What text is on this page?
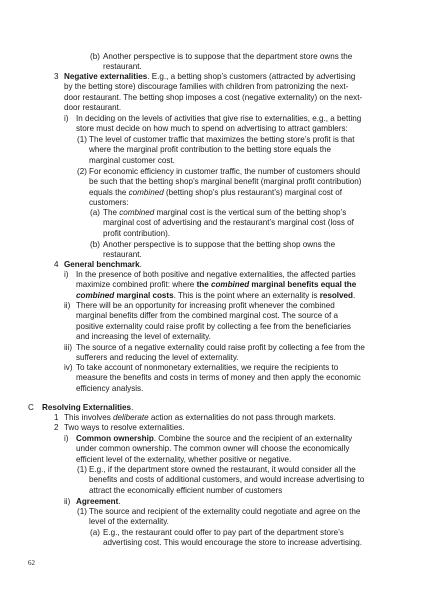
(b) Another perspective is to suppose that the department store owns the
restaurant.
3 Negative externalities. E.g., a betting shop’s customers (attracted by advertising
by the betting store) discourage families with children from patronizing the next-
door restaurant. The betting shop imposes a cost (negative externality) on the next-
door restaurant.
i) In deciding on the levels of activities that give rise to externalities, e.g., a betting
store must decide on how much to spend on advertising to attract gamblers:
(1) The level of customer traffic that maximizes the betting store’s profit is that
where the marginal profit contribution to the betting store equals the
marginal customer cost.
(2) For economic efficiency in customer traffic, the number of customers should
be such that the betting shop’s marginal benefit (marginal profit contribution)
equals the combined (betting shop’s plus restaurant’s) marginal cost of
customers:
(a) The combined marginal cost is the vertical sum of the betting shop’s
marginal cost of advertising and the restaurant’s marginal cost (loss of
profit contribution).
(b) Another perspective is to suppose that the betting shop owns the
restaurant.
4 General benchmark.
i) In the presence of both positive and negative externalities, the affected parties
maximize combined profit: where the combined marginal benefits equal the
combined marginal costs. This is the point where an externality is resolved.
ii) There will be an opportunity for increasing profit whenever the combined
marginal benefits differ from the combined marginal cost. The source of a
positive externality could raise profit by collecting a fee from the beneficiaries
and increasing the level of externality.
iii) The source of a negative externality could raise profit by collecting a fee from the
sufferers and reducing the level of externality.
iv) To take account of nonmonetary externalities, we require the recipients to
measure the benefits and costs in terms of money and then apply the economic
efficiency analysis.
C Resolving Externalities.
1 This involves deliberate action as externalities do not pass through markets.
2 Two ways to resolve externalities.
i) Common ownership. Combine the source and the recipient of an externality
under common ownership. The common owner will choose the economically
efficient level of the externality, whether positive or negative.
(1) E.g., if the department store owned the restaurant, it would consider all the
benefits and costs of additional customers, and would increase advertising to
attract the economically efficient number of customers
ii) Agreement.
(1) The source and recipient of the externality could negotiate and agree on the
level of the externality.
(a) E.g., the restaurant could offer to pay part of the department store’s
advertising cost. This would encourage the store to increase advertising.
62
